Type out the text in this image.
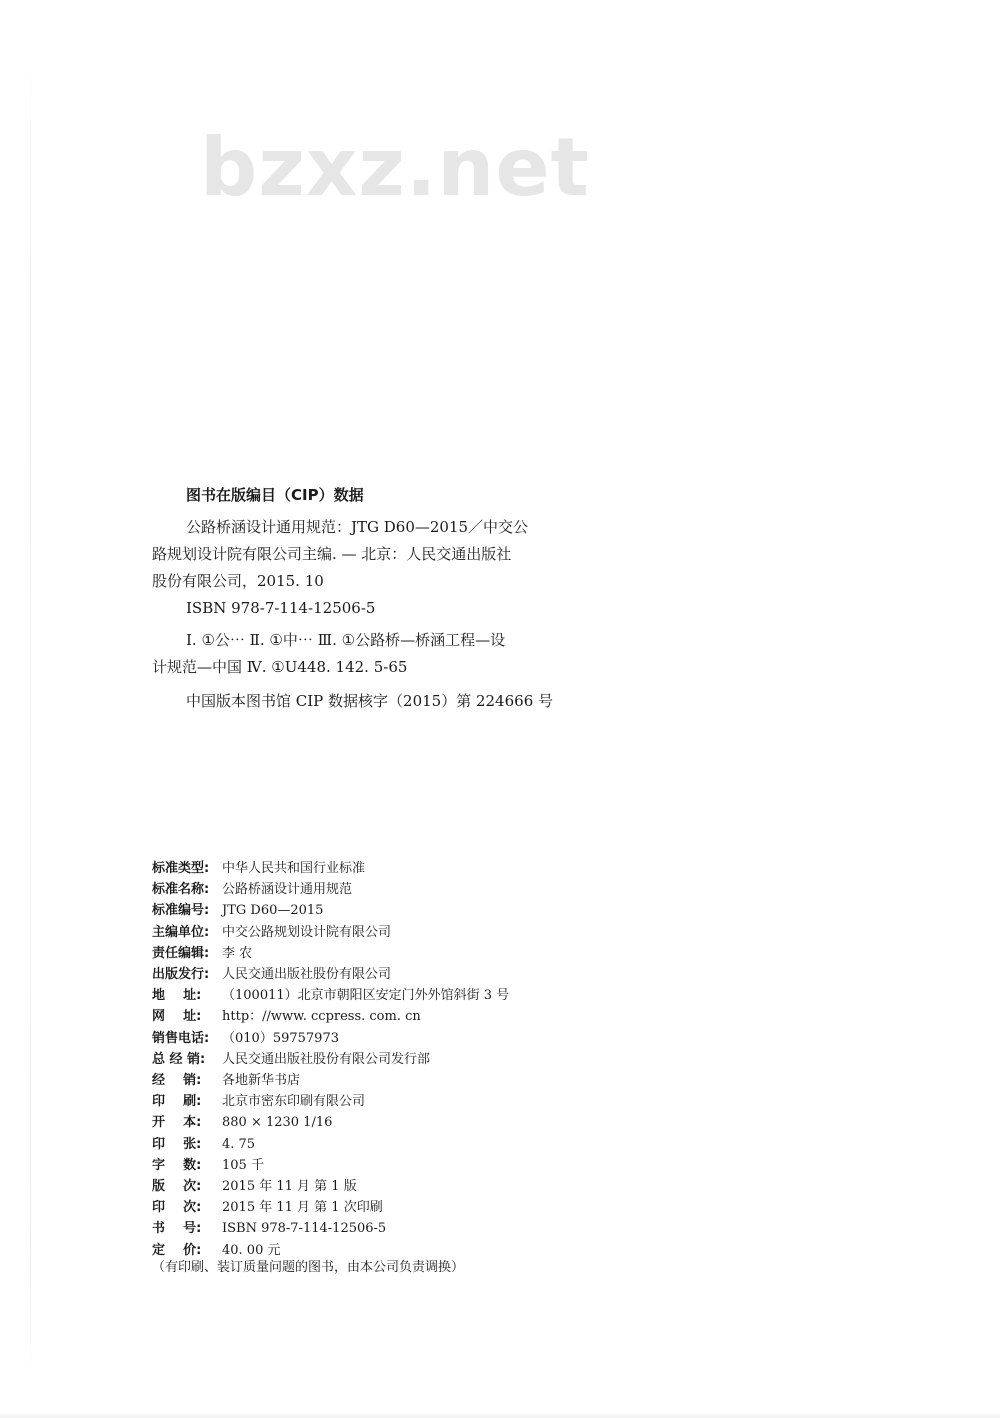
bzxz.net
图书在版编目（CIP）数据
公路桥涵设计通用规范：JTG D60—2015／中交公
路规划设计院有限公司主编. — 北京：人民交通出版社
股份有限公司，2015. 10
ISBN 978-7-114-12506-5
Ⅰ. ①公⋯ Ⅱ. ①中⋯ Ⅲ. ①公路桥—桥涵工程—设
计规范—中国 Ⅳ. ①U448. 142. 5-65
中国版本图书馆 CIP 数据核字（2015）第 224666 号
标准类型: 中华人民共和国行业标准
标准名称: 公路桥涵设计通用规范
标准编号: JTG D60—2015
主编单位: 中交公路规划设计院有限公司
责任编辑: 李 农
出版发行: 人民交通出版社股份有限公司
地    址:	（100011）北京市朝阳区安定门外外馆斜街 3 号
网    址:	http：//www. ccpress. com. cn
销售电话: （010）59757973
总 经 销:	人民交通出版社股份有限公司发行部
经    销:	各地新华书店
印    刷:	北京市密东印刷有限公司
开    本:	880 × 1230 1/16
印    张:	4. 75
字    数:	105 千
版    次:	2015 年 11 月 第 1 版
印    次:	2015 年 11 月 第 1 次印刷
书    号:	ISBN 978-7-114-12506-5
定    价:	40. 00 元
（有印刷、装订质量问题的图书，由本公司负责调换）
